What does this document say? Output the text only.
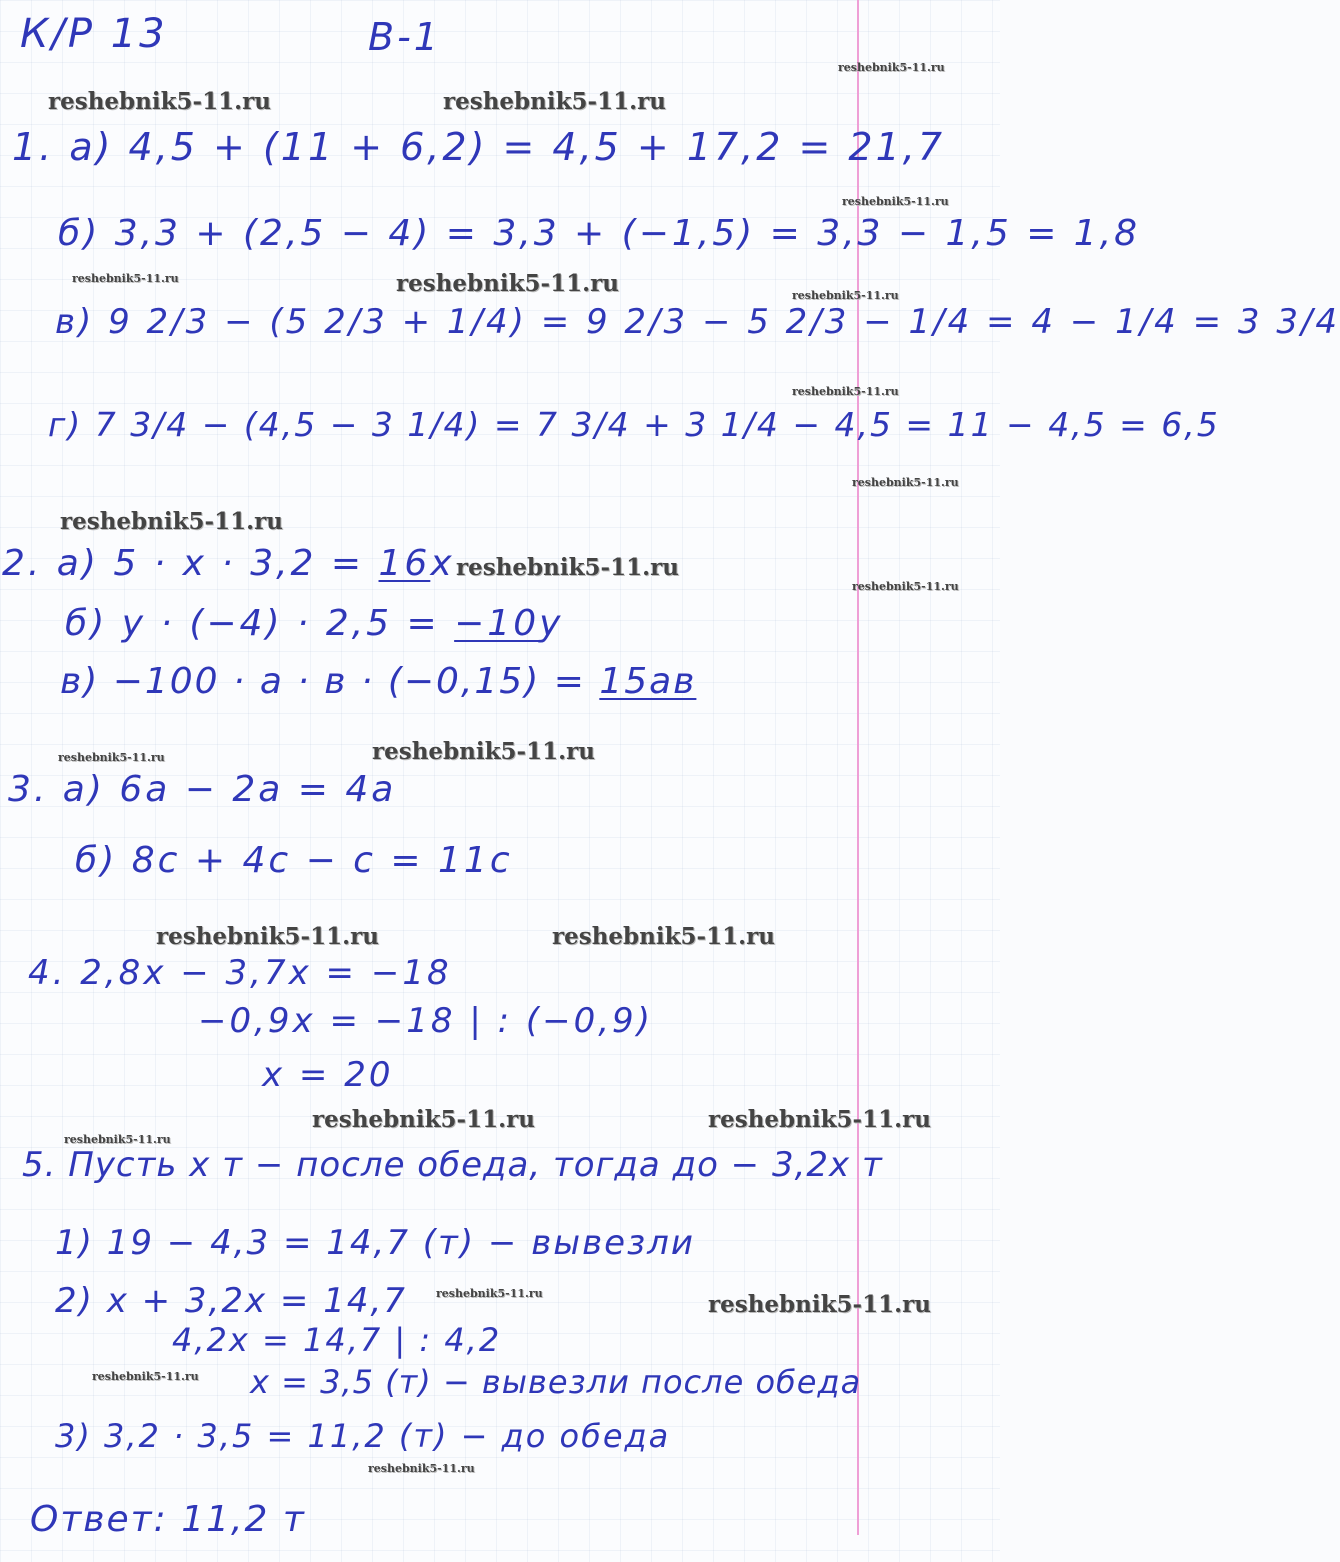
К/Р 13	В-1
1. а) 4,5 + (11 + 6,2) = 4,5 + 17,2 = 21,7
б) 3,3 + (2,5 − 4) = 3,3 + (−1,5) = 3,3 − 1,5 = 1,8
в) 9 2/3 − (5 2/3 + 1/4) = 9 2/3 − 5 2/3 − 1/4 = 4 − 1/4 = 3 3/4
г) 7 3/4 − (4,5 − 3 1/4) = 7 3/4 + 3 1/4 − 4,5 = 11 − 4,5 = 6,5
2. а) 5 · x · 3,2 = 16x
б) y · (−4) · 2,5 = −10y
в) −100 · a · в · (−0,15) = 15aв
3. а) 6a − 2a = 4a
б) 8c + 4c − c = 11c
4. 2,8x − 3,7x = −18
−0,9x = −18 | : (−0,9)
x = 20
5. Пусть x т − после обеда, тогда до − 3,2x т
1) 19 − 4,3 = 14,7 (т) − вывезли
2) x + 3,2x = 14,7
4,2x = 14,7 | : 4,2
x = 3,5 (т) − вывезли после обеда
3) 3,2 · 3,5 = 11,2 (т) − до обеда
Ответ: 11,2 т
reshebnik5-11.ru	reshebnik5-11.ru
reshebnik5-11.ru
reshebnik5-11.ru
reshebnik5-11.ru	reshebnik5-11.ru	reshebnik5-11.ru
reshebnik5-11.ru
reshebnik5-11.ru
reshebnik5-11.ru
reshebnik5-11.ru
reshebnik5-11.ru
reshebnik5-11.ru	reshebnik5-11.ru
reshebnik5-11.ru	reshebnik5-11.ru
reshebnik5-11.ru	reshebnik5-11.ru
reshebnik5-11.ru
reshebnik5-11.ru	reshebnik5-11.ru
reshebnik5-11.ru
reshebnik5-11.ru
